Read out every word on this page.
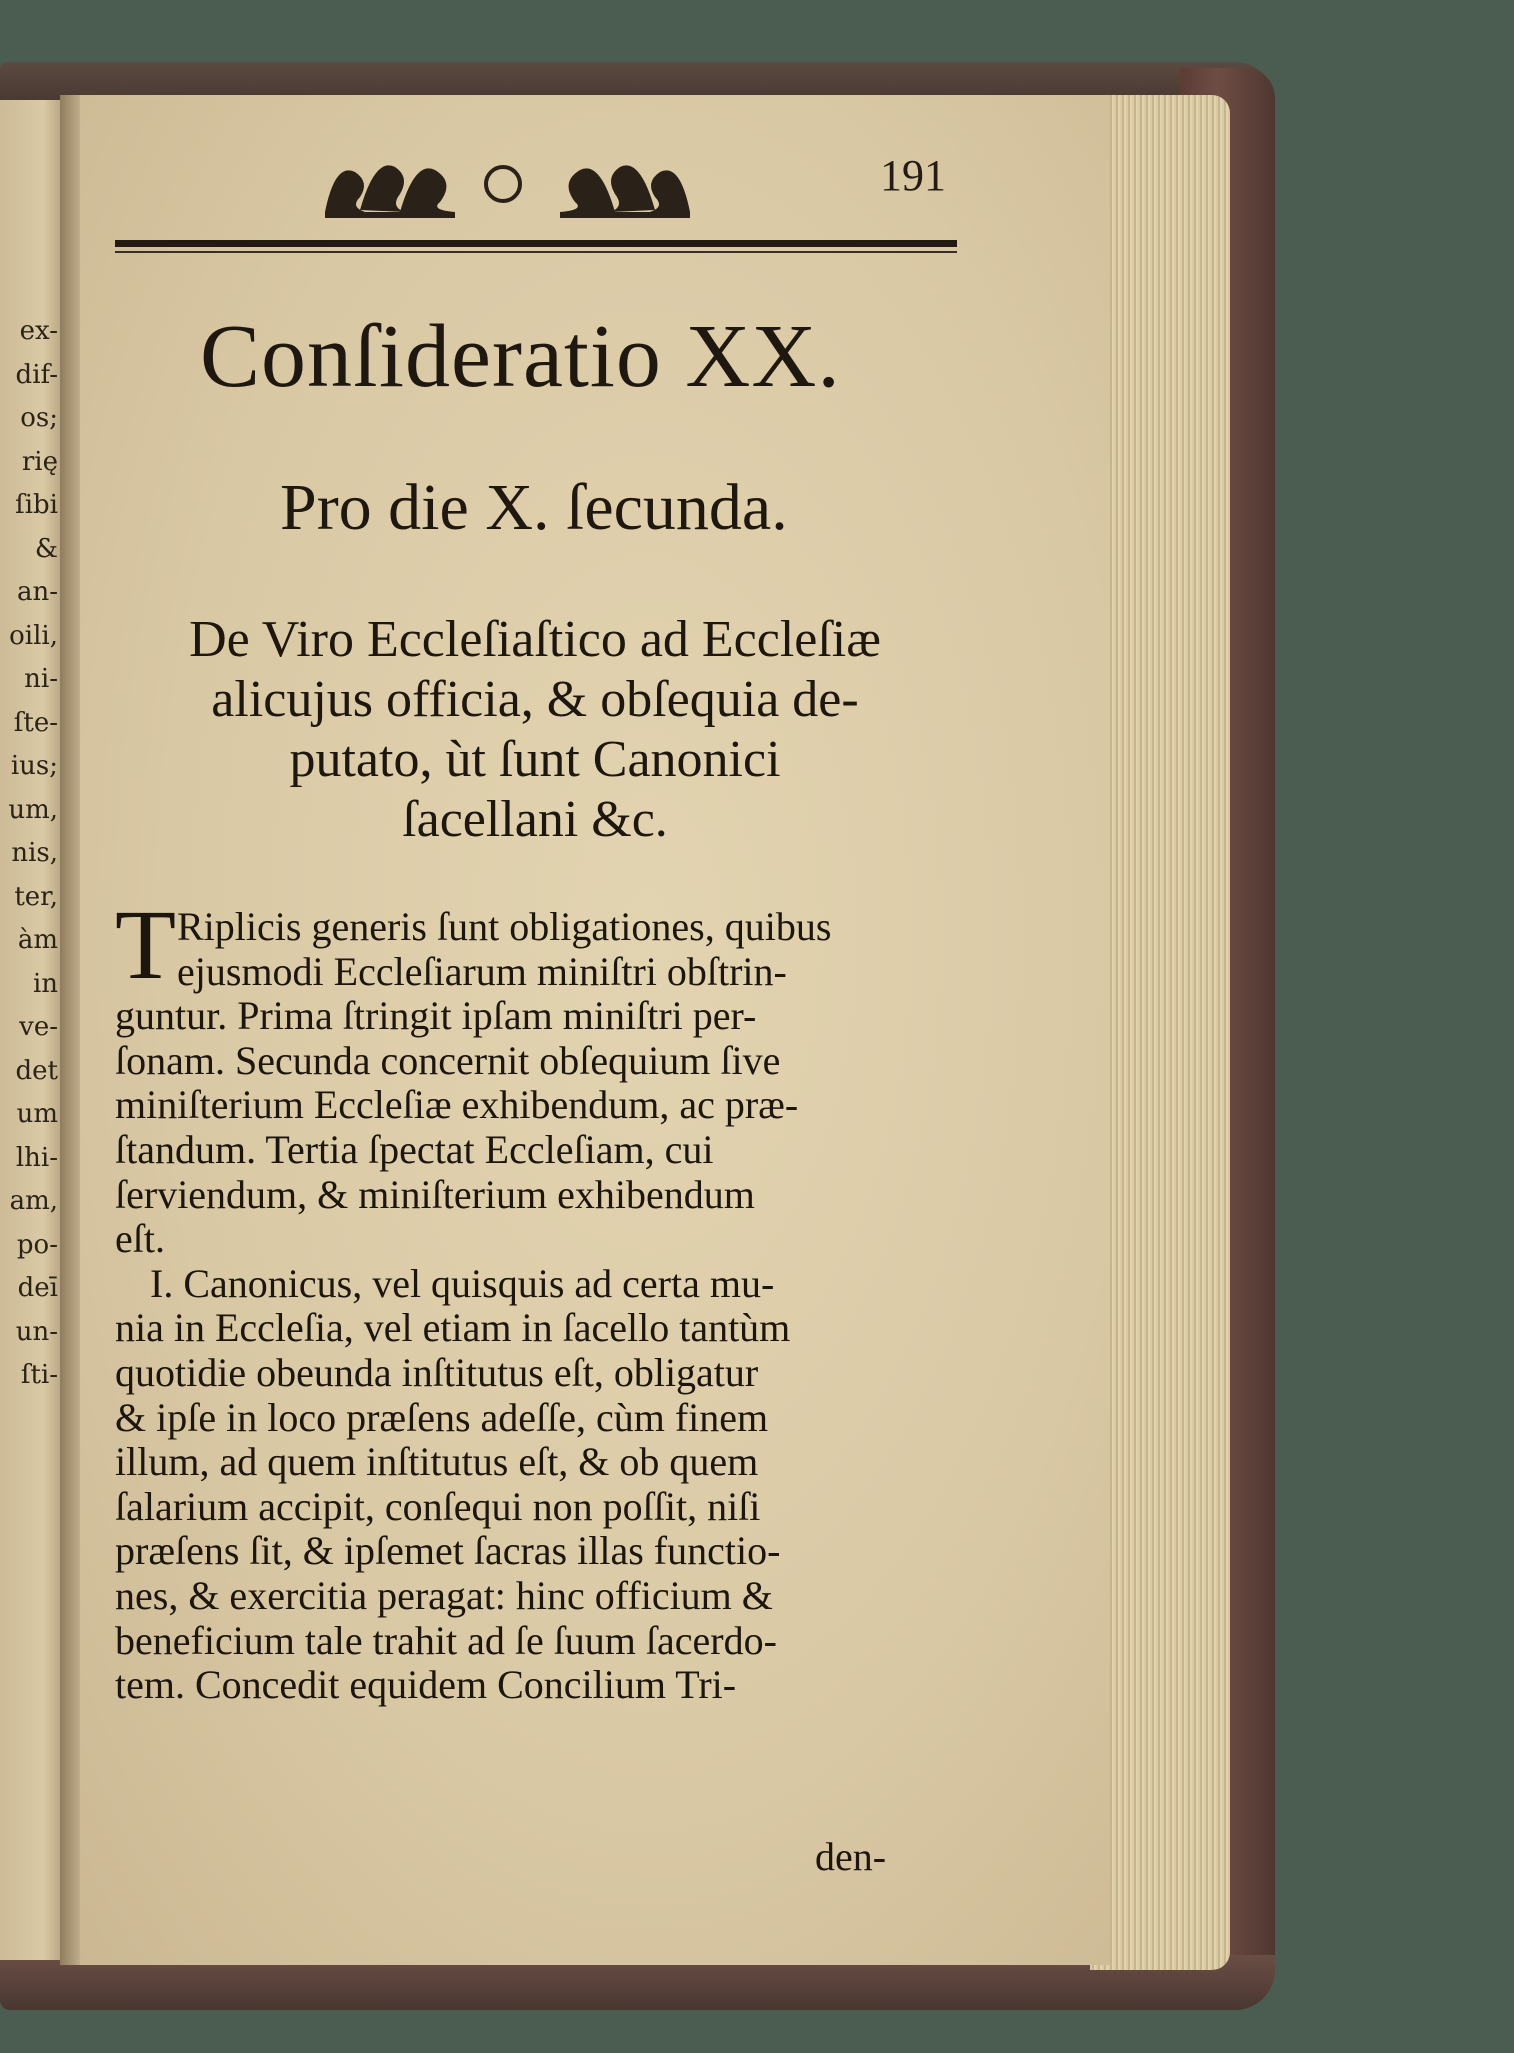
ex-
dif-
os;
rię
ſibi
&
an-
oili,
ni-
ſte-
ius;
um,
nis,
ter,
àm
in
ve-
det
um
lhi-
am,
po-
deī
un-
ſti-
191
Conſideratio XX.
Pro die X. ſecunda.
De Viro Eccleſiaſtico ad Eccleſiæ
alicujus officia, & obſequia de-
putato, ùt ſunt Canonici
ſacellani &c.
T Riplicis generis ſunt obligationes, quibus
ejusmodi Eccleſiarum miniſtri obſtrin-
guntur. Prima ſtringit ipſam miniſtri per-
ſonam. Secunda concernit obſequium ſive
miniſterium Eccleſiæ exhibendum, ac præ-
ſtandum. Tertia ſpectat Eccleſiam, cui
ſerviendum, & miniſterium exhibendum
eſt.
I. Canonicus, vel quisquis ad certa mu-
nia in Eccleſia, vel etiam in ſacello tantùm
quotidie obeunda inſtitutus eſt, obligatur
& ipſe in loco præſens adeſſe, cùm finem
illum, ad quem inſtitutus eſt, & ob quem
ſalarium accipit, conſequi non poſſit, niſi
præſens ſit, & ipſemet ſacras illas functio-
nes, & exercitia peragat: hinc officium &
beneficium tale trahit ad ſe ſuum ſacerdo-
tem. Concedit equidem Concilium Tri-
den-
